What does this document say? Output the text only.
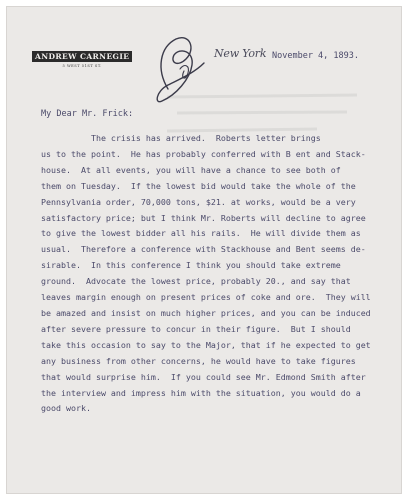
ANDREW CARNEGIE
5 WEST 51ST ST.
New York November 4, 1893.
My Dear Mr. Frick:
The crisis has arrived.  Roberts letter brings
us to the point.  He has probably conferred with B ent and Stack-
house.  At all events, you will have a chance to see both of
them on Tuesday.  If the lowest bid would take the whole of the
Pennsylvania order, 70,000 tons, $21. at works, would be a very
satisfactory price; but I think Mr. Roberts will decline to agree
to give the lowest bidder all his rails.  He will divide them as
usual.  Therefore a conference with Stackhouse and Bent seems de-
sirable.  In this conference I think you should take extreme
ground.  Advocate the lowest price, probably 20., and say that
leaves margin enough on present prices of coke and ore.  They will
be amazed and insist on much higher prices, and you can be induced
after severe pressure to concur in their figure.  But I should
take this occasion to say to the Major, that if he expected to get
any business from other concerns, he would have to take figures
that would surprise him.  If you could see Mr. Edmond Smith after
the interview and impress him with the situation, you would do a
good work.
